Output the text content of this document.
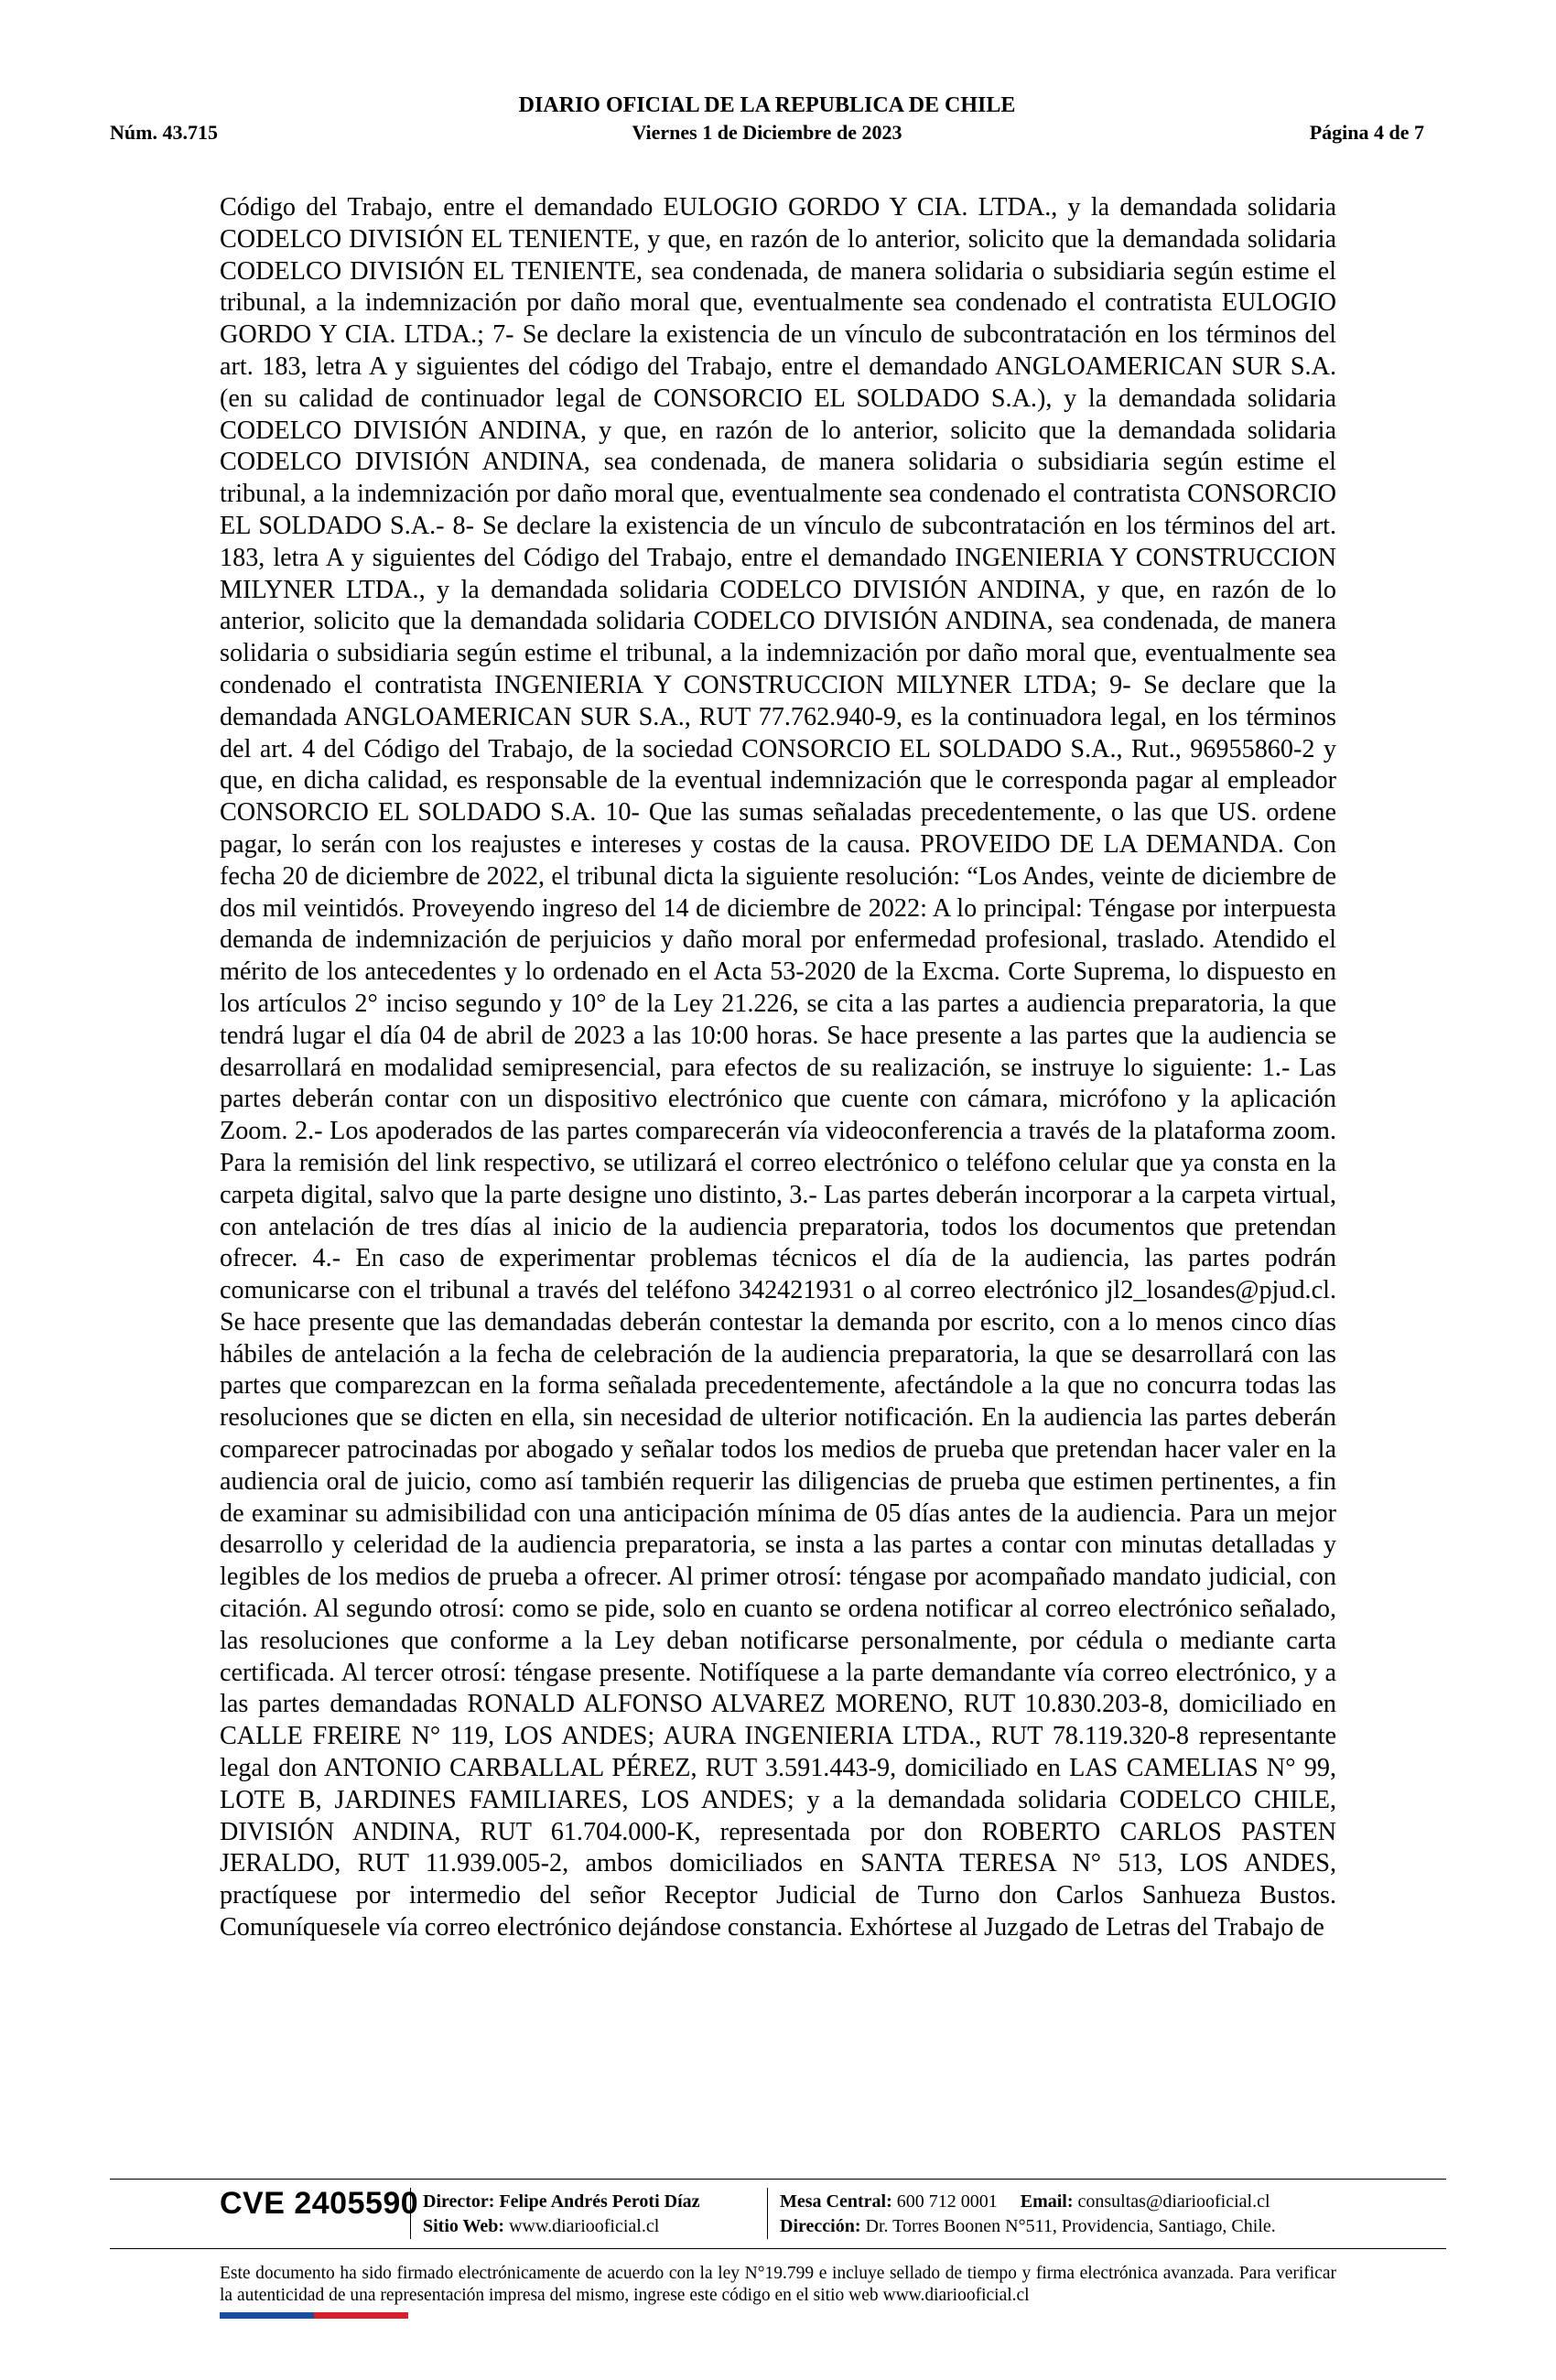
DIARIO OFICIAL DE LA REPUBLICA DE CHILE
Núm. 43.715	Viernes 1 de Diciembre de 2023	Página 4 de 7

Código del Trabajo, entre el demandado EULOGIO GORDO Y CIA. LTDA., y la demandada solidaria CODELCO DIVISIÓN EL TENIENTE, y que, en razón de lo anterior, solicito que la demandada solidaria CODELCO DIVISIÓN EL TENIENTE, sea condenada, de manera solidaria o subsidiaria según estime el tribunal, a la indemnización por daño moral que, eventualmente sea condenado el contratista EULOGIO GORDO Y CIA. LTDA.; 7- Se declare la existencia de un vínculo de subcontratación en los términos del art. 183, letra A y siguientes del código del Trabajo, entre el demandado ANGLOAMERICAN SUR S.A. (en su calidad de continuador legal de CONSORCIO EL SOLDADO S.A.), y la demandada solidaria CODELCO DIVISIÓN ANDINA, y que, en razón de lo anterior, solicito que la demandada solidaria CODELCO DIVISIÓN ANDINA, sea condenada, de manera solidaria o subsidiaria según estime el tribunal, a la indemnización por daño moral que, eventualmente sea condenado el contratista CONSORCIO EL SOLDADO S.A.- 8- Se declare la existencia de un vínculo de subcontratación en los términos del art. 183, letra A y siguientes del Código del Trabajo, entre el demandado INGENIERIA Y CONSTRUCCION MILYNER LTDA., y la demandada solidaria CODELCO DIVISIÓN ANDINA, y que, en razón de lo anterior, solicito que la demandada solidaria CODELCO DIVISIÓN ANDINA, sea condenada, de manera solidaria o subsidiaria según estime el tribunal, a la indemnización por daño moral que, eventualmente sea condenado el contratista INGENIERIA Y CONSTRUCCION MILYNER LTDA; 9- Se declare que la demandada ANGLOAMERICAN SUR S.A., RUT 77.762.940-9, es la continuadora legal, en los términos del art. 4 del Código del Trabajo, de la sociedad CONSORCIO EL SOLDADO S.A., Rut., 96955860-2 y que, en dicha calidad, es responsable de la eventual indemnización que le corresponda pagar al empleador CONSORCIO EL SOLDADO S.A. 10- Que las sumas señaladas precedentemente, o las que US. ordene pagar, lo serán con los reajustes e intereses y costas de la causa. PROVEIDO DE LA DEMANDA. Con fecha 20 de diciembre de 2022, el tribunal dicta la siguiente resolución: “Los Andes, veinte de diciembre de dos mil veintidós. Proveyendo ingreso del 14 de diciembre de 2022: A lo principal: Téngase por interpuesta demanda de indemnización de perjuicios y daño moral por enfermedad profesional, traslado. Atendido el mérito de los antecedentes y lo ordenado en el Acta 53-2020 de la Excma. Corte Suprema, lo dispuesto en los artículos 2° inciso segundo y 10° de la Ley 21.226, se cita a las partes a audiencia preparatoria, la que tendrá lugar el día 04 de abril de 2023 a las 10:00 horas. Se hace presente a las partes que la audiencia se desarrollará en modalidad semipresencial, para efectos de su realización, se instruye lo siguiente: 1.- Las partes deberán contar con un dispositivo electrónico que cuente con cámara, micrófono y la aplicación Zoom. 2.- Los apoderados de las partes comparecerán vía videoconferencia a través de la plataforma zoom. Para la remisión del link respectivo, se utilizará el correo electrónico o teléfono celular que ya consta en la carpeta digital, salvo que la parte designe uno distinto, 3.- Las partes deberán incorporar a la carpeta virtual, con antelación de tres días al inicio de la audiencia preparatoria, todos los documentos que pretendan ofrecer. 4.- En caso de experimentar problemas técnicos el día de la audiencia, las partes podrán comunicarse con el tribunal a través del teléfono 342421931 o al correo electrónico jl2_losandes@pjud.cl. Se hace presente que las demandadas deberán contestar la demanda por escrito, con a lo menos cinco días hábiles de antelación a la fecha de celebración de la audiencia preparatoria, la que se desarrollará con las partes que comparezcan en la forma señalada precedentemente, afectándole a la que no concurra todas las resoluciones que se dicten en ella, sin necesidad de ulterior notificación. En la audiencia las partes deberán comparecer patrocinadas por abogado y señalar todos los medios de prueba que pretendan hacer valer en la audiencia oral de juicio, como así también requerir las diligencias de prueba que estimen pertinentes, a fin de examinar su admisibilidad con una anticipación mínima de 05 días antes de la audiencia. Para un mejor desarrollo y celeridad de la audiencia preparatoria, se insta a las partes a contar con minutas detalladas y legibles de los medios de prueba a ofrecer. Al primer otrosí: téngase por acompañado mandato judicial, con citación. Al segundo otrosí: como se pide, solo en cuanto se ordena notificar al correo electrónico señalado, las resoluciones que conforme a la Ley deban notificarse personalmente, por cédula o mediante carta certificada. Al tercer otrosí: téngase presente. Notifíquese a la parte demandante vía correo electrónico, y a las partes demandadas RONALD ALFONSO ALVAREZ MORENO, RUT 10.830.203-8, domiciliado en CALLE FREIRE N° 119, LOS ANDES; AURA INGENIERIA LTDA., RUT 78.119.320-8 representante legal don ANTONIO CARBALLAL PÉREZ, RUT 3.591.443-9, domiciliado en LAS CAMELIAS N° 99, LOTE B, JARDINES FAMILIARES, LOS ANDES; y a la demandada solidaria CODELCO CHILE, DIVISIÓN ANDINA, RUT 61.704.000-K, representada por don ROBERTO CARLOS PASTEN JERALDO, RUT 11.939.005-2, ambos domiciliados en SANTA TERESA N° 513, LOS ANDES, practíquese por intermedio del señor Receptor Judicial de Turno don Carlos Sanhueza Bustos. Comuníquesele vía correo electrónico dejándose constancia. Exhórtese al Juzgado de Letras del Trabajo de

CVE 2405590 Director: Felipe Andrés Peroti Díaz
Sitio Web: www.diariooficial.cl
Mesa Central: 600 712 0001 Email: consultas@diariooficial.cl
Dirección: Dr. Torres Boonen N°511, Providencia, Santiago, Chile.
Este documento ha sido firmado electrónicamente de acuerdo con la ley N°19.799 e incluye sellado de tiempo y firma electrónica avanzada. Para verificar la autenticidad de una representación impresa del mismo, ingrese este código en el sitio web www.diariooficial.cl
